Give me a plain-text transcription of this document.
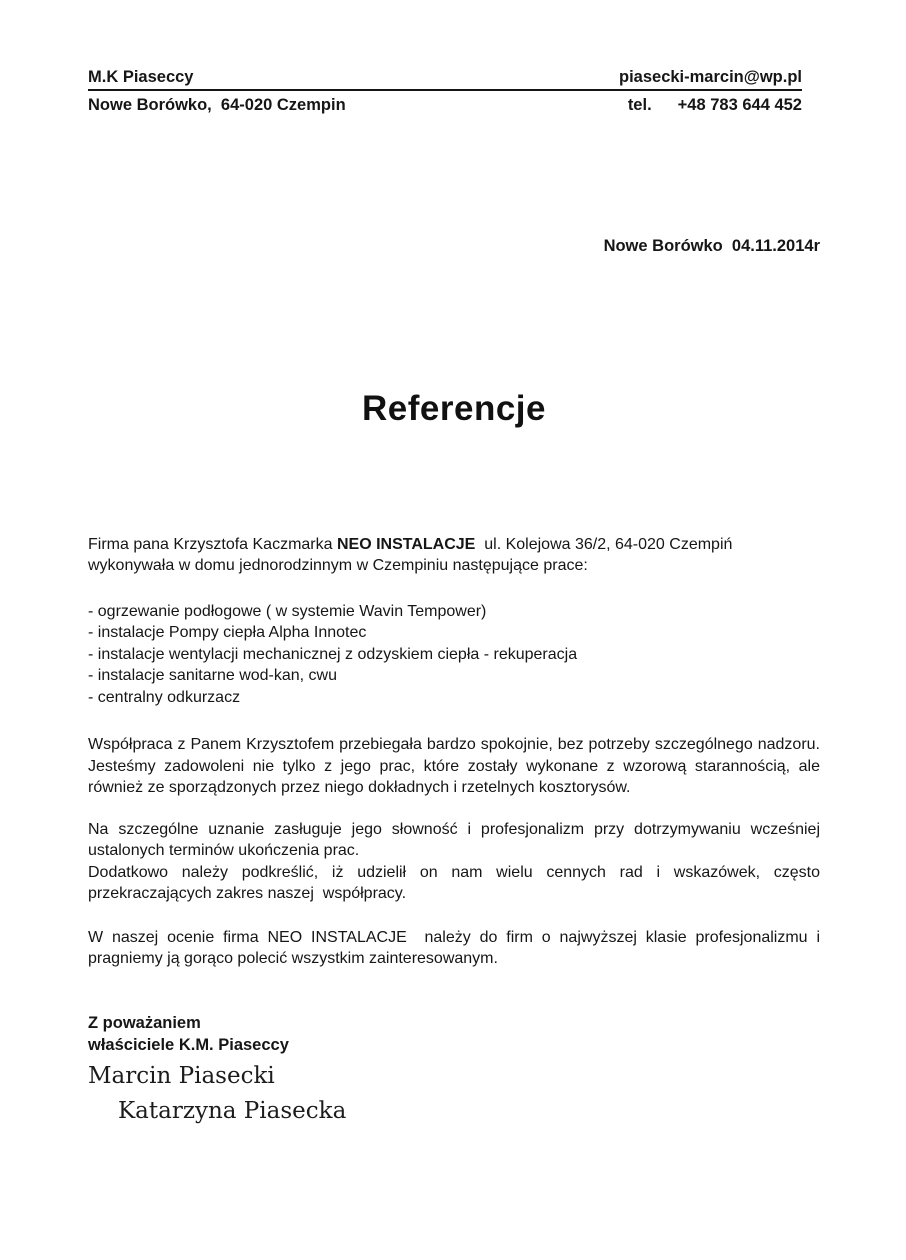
M.K Piaseccy	piasecki-marcin@wp.pl
Nowe Borówko,  64-020 Czempin	tel. +48 783 644 452
Nowe Borówko  04.11.2014r
Referencje

Firma pana Krzysztofa Kaczmarka NEO INSTALACJE  ul. Kolejowa 36/2, 64-020 Czempiń wykonywała w domu jednorodzinnym w Czempiniu następujące prace:

- ogrzewanie podłogowe ( w systemie Wavin Tempower)
- instalacje Pompy ciepła Alpha Innotec
- instalacje wentylacji mechanicznej z odzyskiem ciepła - rekuperacja
- instalacje sanitarne wod-kan, cwu
- centralny odkurzacz

Współpraca z Panem Krzysztofem przebiegała bardzo spokojnie, bez potrzeby szczególnego nadzoru. Jesteśmy zadowoleni nie tylko z jego prac, które zostały wykonane z wzorową starannością, ale również ze sporządzonych przez niego dokładnych i rzetelnych kosztorysów.

Na szczególne uznanie zasługuje jego słowność i profesjonalizm przy dotrzymywaniu wcześniej ustalonych terminów ukończenia prac.

Dodatkowo należy podkreślić, iż udzielił on nam wielu cennych rad i wskazówek, często przekraczających zakres naszej  współpracy.

W naszej ocenie firma NEO INSTALACJE  należy do firm o najwyższej klasie profesjonalizmu i pragniemy ją gorąco polecić wszystkim zainteresowanym.

Z poważaniem
właściciele K.M. Piaseccy
Marcin Piasecki
Katarzyna Piasecka
